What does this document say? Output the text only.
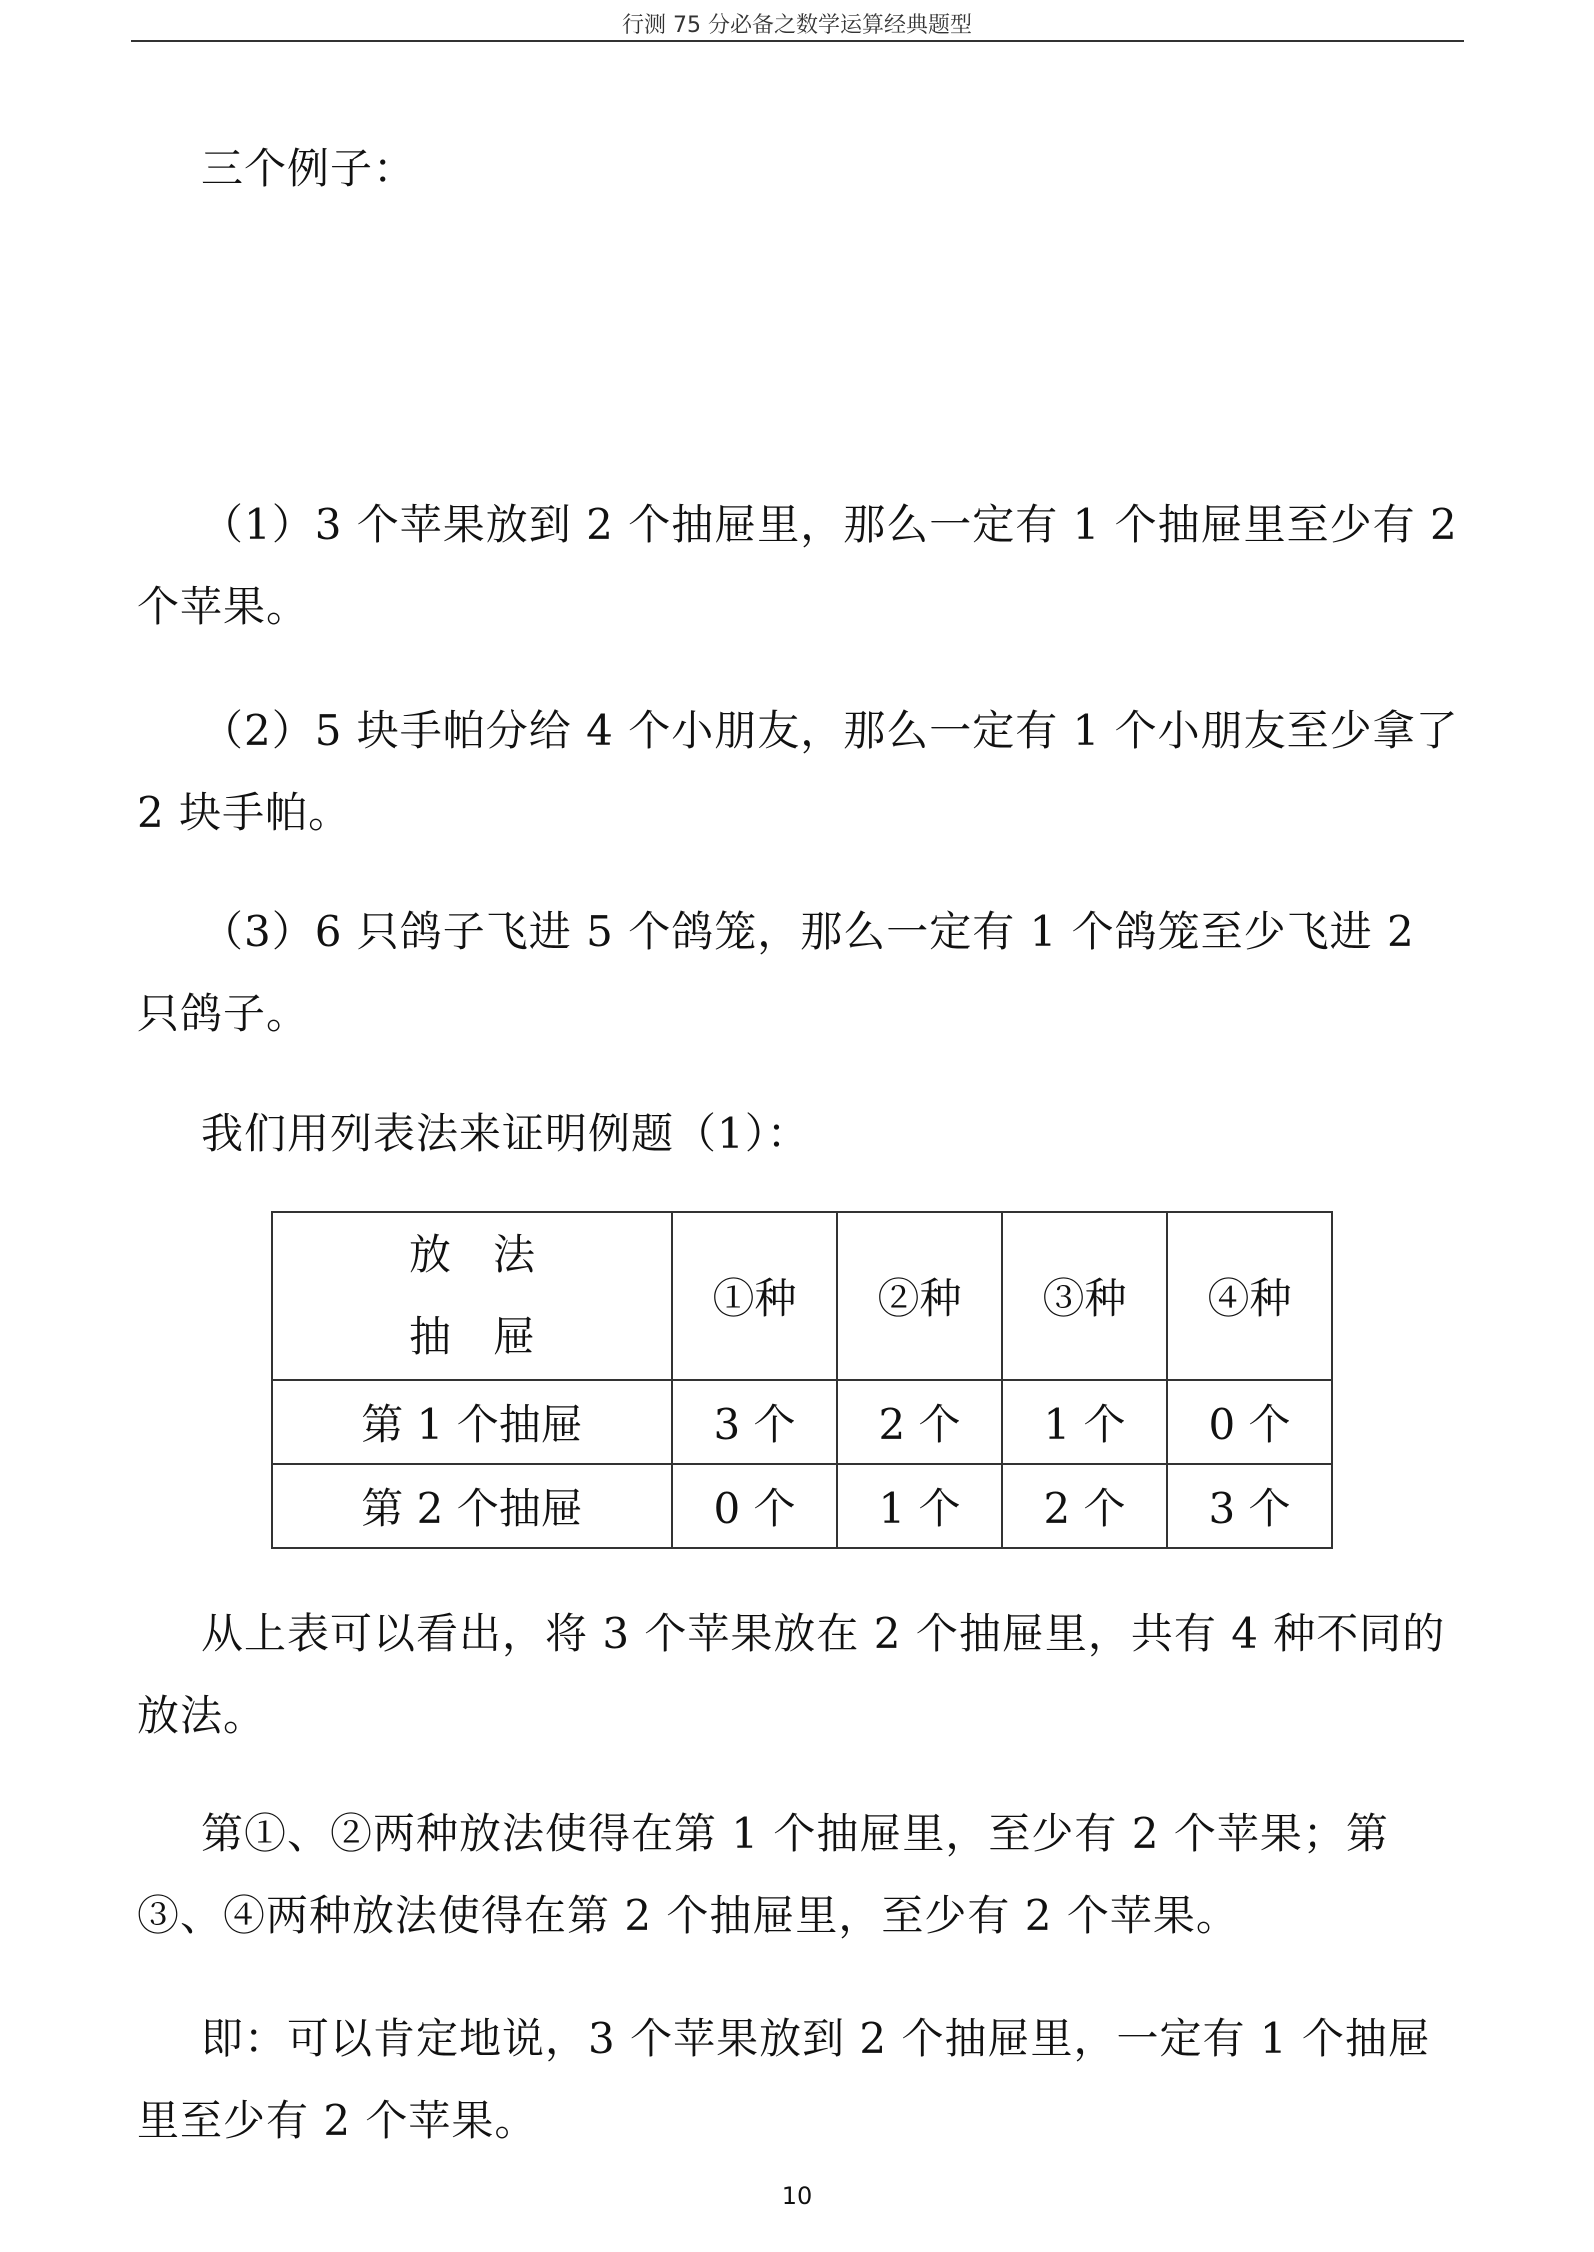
行测 75 分必备之数学运算经典题型

三个例子：

（1）3 个苹果放到 2 个抽屉里，那么一定有 1 个抽屉里至少有 2 个苹果。

（2）5 块手帕分给 4 个小朋友，那么一定有 1 个小朋友至少拿了 2 块手帕。

（3）6 只鸽子飞进 5 个鸽笼，那么一定有 1 个鸽笼至少飞进 2 只鸽子。

我们用列表法来证明例题（1）：

放　法
抽　屉	①种	②种	③种	④种
第 1 个抽屉	3 个	2 个	1 个	0 个
第 2 个抽屉	0 个	1 个	2 个	3 个

从上表可以看出，将 3 个苹果放在 2 个抽屉里，共有 4 种不同的放法。

第①、②两种放法使得在第 1 个抽屉里，至少有 2 个苹果；第③、④两种放法使得在第 2 个抽屉里，至少有 2 个苹果。

即：可以肯定地说，3 个苹果放到 2 个抽屉里，一定有 1 个抽屉里至少有 2 个苹果。

10
